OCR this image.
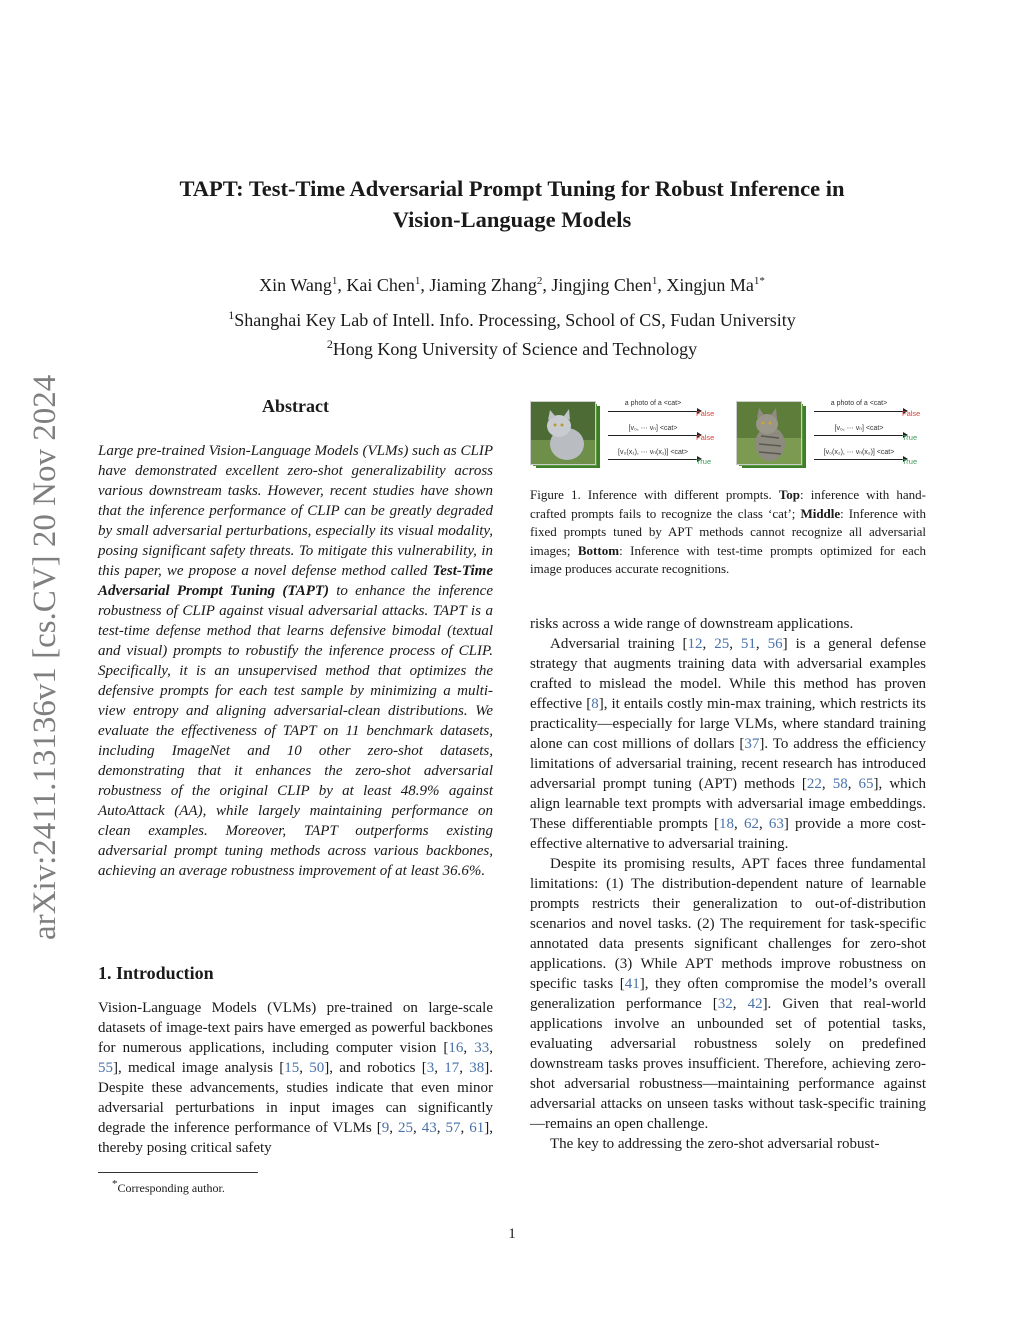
arXiv:2411.13136v1 [cs.CV] 20 Nov 2024
TAPT: Test-Time Adversarial Prompt Tuning for Robust Inference in
Vision-Language Models
Xin Wang$^1$, Kai Chen$^1$, Jiaming Zhang$^2$, Jingjing Chen$^1$, Xingjun $Ma^{1*}$
$^1$Shanghai Key Lab of Intell. Info. Processing, School of CS, Fudan University
$^2$Hong Kong University of Science and Technology
Abstract

Large pre-trained Vision-Language Models (VLMs) such as CLIP have demonstrated excellent zero-shot generalizability across various downstream tasks. However, recent studies have shown that the inference performance of CLIP can be greatly degraded by small adversarial perturbations, especially its visual modality, posing significant safety threats. To mitigate this vulnerability, in this paper, we propose a novel defense method called Test-Time Adversarial Prompt Tuning (TAPT) to enhance the inference robustness of CLIP against visual adversarial attacks. TAPT is a test-time defense method that learns defensive bimodal (textual and visual) prompts to robustify the inference process of CLIP. Specifically, it is an unsupervised method that optimizes the defensive prompts for each test sample by minimizing a multi-view entropy and aligning adversarial-clean distributions. We evaluate the effectiveness of TAPT on 11 benchmark datasets, including ImageNet and 10 other zero-shot datasets, demonstrating that it enhances the zero-shot adversarial robustness of the original CLIP by at least 48.9% against AutoAttack (AA), while largely maintaining performance on clean examples. Moreover, TAPT outperforms existing adversarial prompt tuning methods across various backbones, achieving an average robustness improvement of at least 36.6%.

1. Introduction

Vision-Language Models (VLMs) pre-trained on large-scale datasets of image-text pairs have emerged as powerful backbones for numerous applications, including computer vision [16, 33, 55], medical image analysis [15, 50], and robotics [3, 17, 38]. Despite these advancements, studies indicate that even minor adversarial perturbations in input images can significantly degrade the inference performance of VLMs [9, 25, 43, 57, 61], thereby posing critical safety

*Corresponding author.
a photo of a <cat>
False
[v₀, ⋯ vₙ] <cat>
False
[v₀(x₁), ⋯ vₙ(x₁)] <cat>
True
a photo of a <cat>
False
[v₀, ⋯ vₙ] <cat>
True
[v₀(x₂), ⋯ vₙ(x₂)] <cat>
True

Figure 1. Inference with different prompts. Top: inference with hand-crafted prompts fails to recognize the class ‘cat’; Middle: Inference with fixed prompts tuned by APT methods cannot recognize all adversarial images; Bottom: Inference with test-time prompts optimized for each image produces accurate recognitions.

risks across a wide range of downstream applications.

Adversarial training [12, 25, 51, 56] is a general defense strategy that augments training data with adversarial examples crafted to mislead the model. While this method has proven effective [8], it entails costly min-max training, which restricts its practicality—especially for large VLMs, where standard training alone can cost millions of dollars [37]. To address the efficiency limitations of adversarial training, recent research has introduced adversarial prompt tuning (APT) methods [22, 58, 65], which align learnable text prompts with adversarial image embeddings. These differentiable prompts [18, 62, 63] provide a more cost-effective alternative to adversarial training.

Despite its promising results, APT faces three fundamental limitations: (1) The distribution-dependent nature of learnable prompts restricts their generalization to out-of-distribution scenarios and novel tasks. (2) The requirement for task-specific annotated data presents significant challenges for zero-shot applications. (3) While APT methods improve robustness on specific tasks [41], they often compromise the model’s overall generalization performance [32, 42]. Given that real-world applications involve an unbounded set of potential tasks, evaluating adversarial robustness solely on predefined downstream tasks proves insufficient. Therefore, achieving zero-shot adversarial robustness—maintaining performance against adversarial attacks on unseen tasks without task-specific training—remains an open challenge.

The key to addressing the zero-shot adversarial robust-

1
